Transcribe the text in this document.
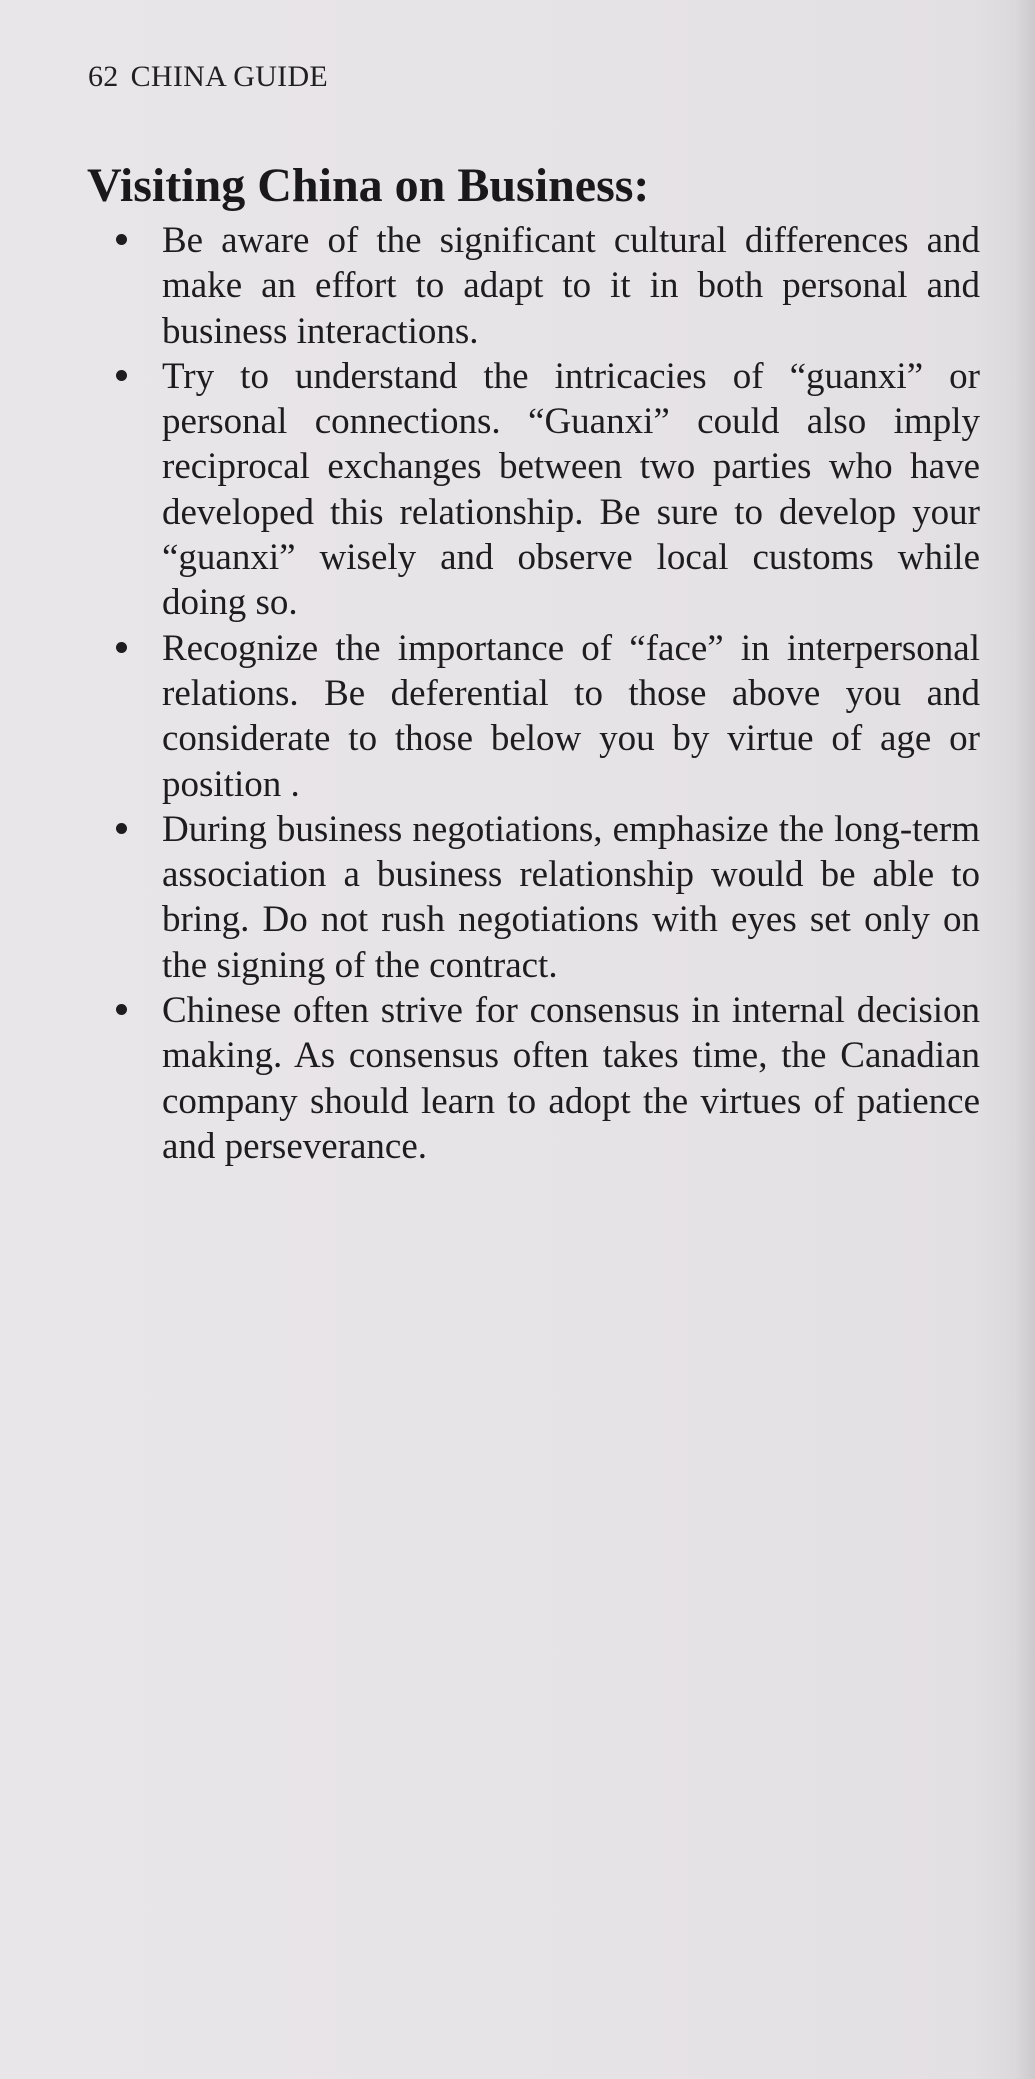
62 CHINA GUIDE
Visiting China on Business:
Be aware of the significant cultural differences and make an effort to adapt to it in both personal and business interactions.
Try to understand the intricacies of “guanxi” or personal connections. “Guanxi” could also imply reciprocal exchanges between two parties who have developed this relationship. Be sure to develop your “guanxi” wisely and observe local customs while doing so.
Recognize the importance of “face” in interpersonal relations. Be deferential to those above you and considerate to those below you by virtue of age or position .
During business negotiations, emphasize the long-term association a business relationship would be able to bring. Do not rush negotiations with eyes set only on the signing of the contract.
Chinese often strive for consensus in internal decision making. As consensus often takes time, the Canadian company should learn to adopt the virtues of patience and perseverance.
